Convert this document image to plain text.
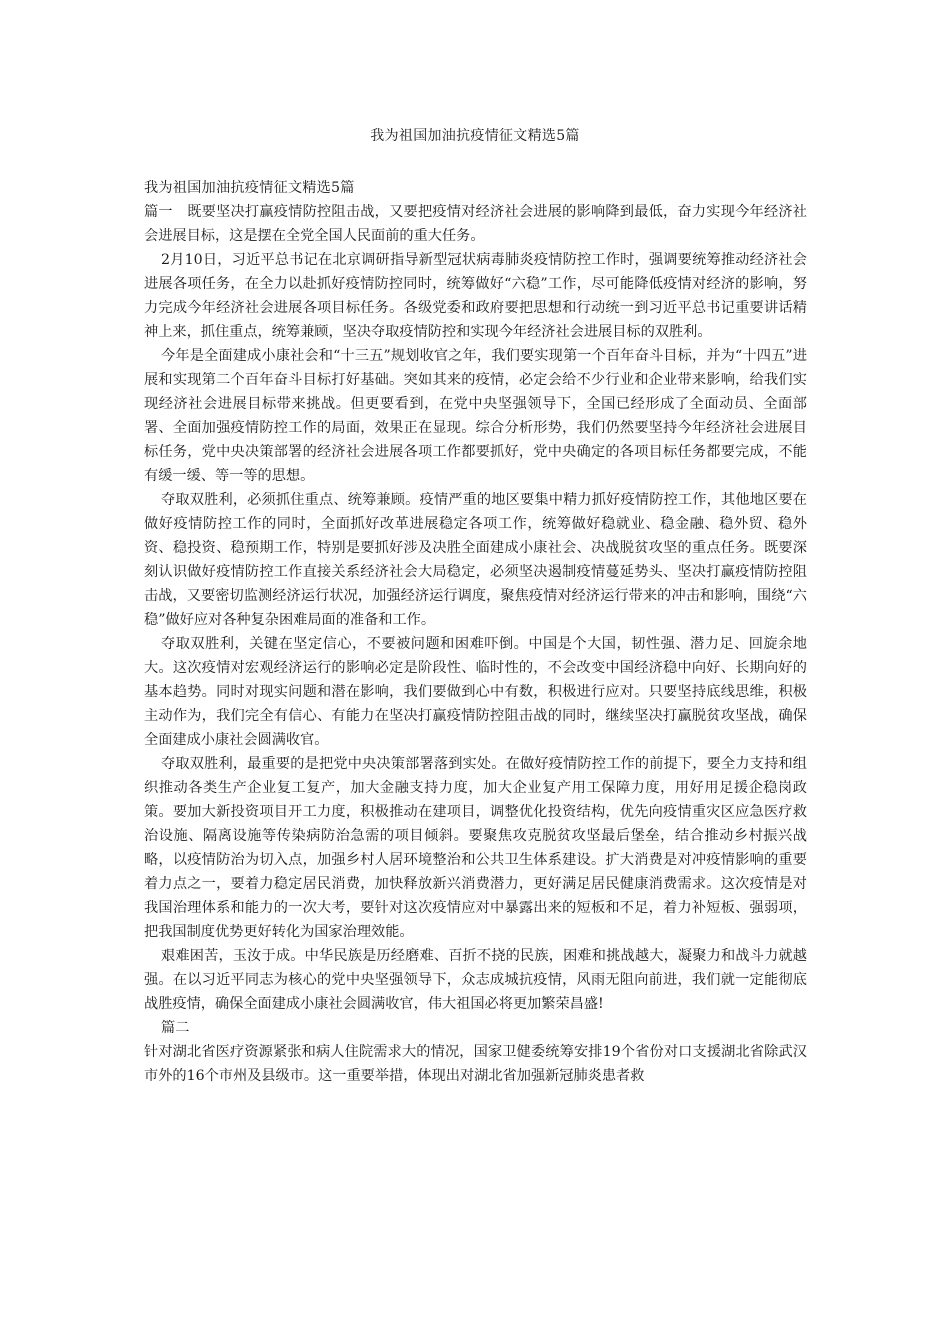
我为祖国加油抗疫情征文精选5篇

我为祖国加油抗疫情征文精选5篇

篇一　既要坚决打赢疫情防控阻击战，又要把疫情对经济社会进展的影响降到最低，奋力实现今年经济社会进展目标，这是摆在全党全国人民面前的重大任务。

2月10日，习近平总书记在北京调研指导新型冠状病毒肺炎疫情防控工作时，强调要统筹推动经济社会进展各项任务，在全力以赴抓好疫情防控同时，统筹做好“六稳”工作，尽可能降低疫情对经济的影响，努力完成今年经济社会进展各项目标任务。各级党委和政府要把思想和行动统一到习近平总书记重要讲话精神上来，抓住重点，统筹兼顾，坚决夺取疫情防控和实现今年经济社会进展目标的双胜利。

今年是全面建成小康社会和“十三五”规划收官之年，我们要实现第一个百年奋斗目标，并为“十四五”进展和实现第二个百年奋斗目标打好基础。突如其来的疫情，必定会给不少行业和企业带来影响，给我们实现经济社会进展目标带来挑战。但更要看到，在党中央坚强领导下，全国已经形成了全面动员、全面部署、全面加强疫情防控工作的局面，效果正在显现。综合分析形势，我们仍然要坚持今年经济社会进展目标任务，党中央决策部署的经济社会进展各项工作都要抓好，党中央确定的各项目标任务都要完成，不能有缓一缓、等一等的思想。

夺取双胜利，必须抓住重点、统筹兼顾。疫情严重的地区要集中精力抓好疫情防控工作，其他地区要在做好疫情防控工作的同时，全面抓好改革进展稳定各项工作，统筹做好稳就业、稳金融、稳外贸、稳外资、稳投资、稳预期工作，特别是要抓好涉及决胜全面建成小康社会、决战脱贫攻坚的重点任务。既要深刻认识做好疫情防控工作直接关系经济社会大局稳定，必须坚决遏制疫情蔓延势头、坚决打赢疫情防控阻击战，又要密切监测经济运行状况，加强经济运行调度，聚焦疫情对经济运行带来的冲击和影响，围绕“六稳”做好应对各种复杂困难局面的准备和工作。

夺取双胜利，关键在坚定信心，不要被问题和困难吓倒。中国是个大国，韧性强、潜力足、回旋余地大。这次疫情对宏观经济运行的影响必定是阶段性、临时性的，不会改变中国经济稳中向好、长期向好的基本趋势。同时对现实问题和潜在影响，我们要做到心中有数，积极进行应对。只要坚持底线思维，积极主动作为，我们完全有信心、有能力在坚决打赢疫情防控阻击战的同时，继续坚决打赢脱贫攻坚战，确保全面建成小康社会圆满收官。

夺取双胜利，最重要的是把党中央决策部署落到实处。在做好疫情防控工作的前提下，要全力支持和组织推动各类生产企业复工复产，加大金融支持力度，加大企业复产用工保障力度，用好用足援企稳岗政策。要加大新投资项目开工力度，积极推动在建项目，调整优化投资结构，优先向疫情重灾区应急医疗救治设施、隔离设施等传染病防治急需的项目倾斜。要聚焦攻克脱贫攻坚最后堡垒，结合推动乡村振兴战略，以疫情防治为切入点，加强乡村人居环境整治和公共卫生体系建设。扩大消费是对冲疫情影响的重要着力点之一，要着力稳定居民消费，加快释放新兴消费潜力，更好满足居民健康消费需求。这次疫情是对我国治理体系和能力的一次大考，要针对这次疫情应对中暴露出来的短板和不足，着力补短板、强弱项，把我国制度优势更好转化为国家治理效能。

艰难困苦，玉汝于成。中华民族是历经磨难、百折不挠的民族，困难和挑战越大，凝聚力和战斗力就越强。在以习近平同志为核心的党中央坚强领导下，众志成城抗疫情，风雨无阻向前进，我们就一定能彻底战胜疫情，确保全面建成小康社会圆满收官，伟大祖国必将更加繁荣昌盛!

篇二

针对湖北省医疗资源紧张和病人住院需求大的情况，国家卫健委统筹安排19个省份对口支援湖北省除武汉市外的16个市州及县级市。这一重要举措，体现出对湖北省加强新冠肺炎患者救
